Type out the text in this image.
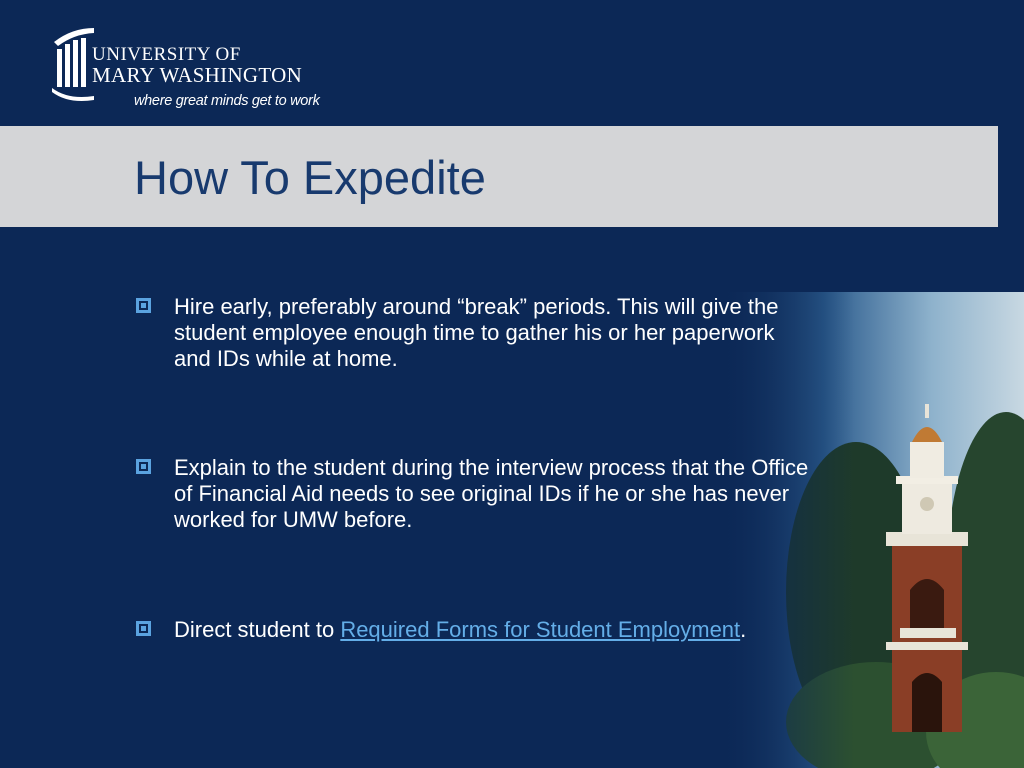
UNIVERSITY OF
MARY WASHINGTON
where great minds get to work
How To Expedite
Hire early, preferably around “break” periods. This will give the student employee enough time to gather his or her paperwork and IDs while at home.
Explain to the student during the interview process that the Office of Financial Aid needs to see original IDs if he or she has never worked for UMW before.
Direct student to Required Forms for Student Employment.
